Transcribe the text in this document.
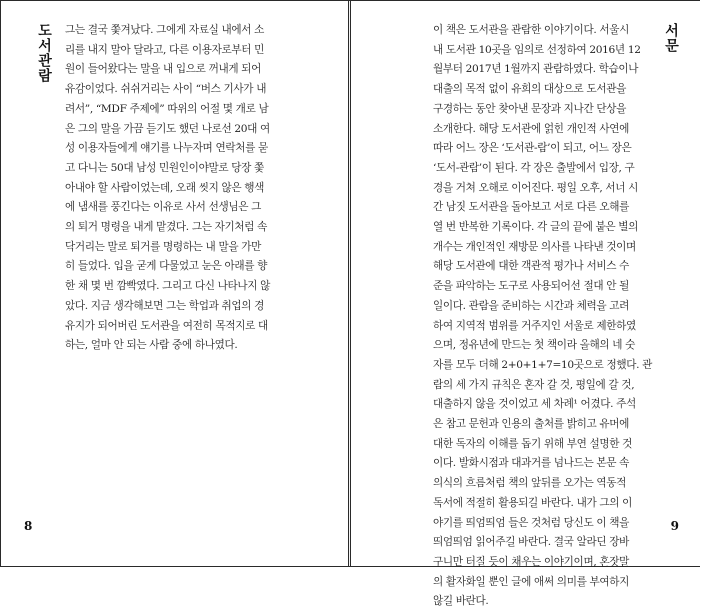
도서관람 그는 결국 쫓겨났다. 그에게 자료실 내에서 소
리를 내지 말아 달라고, 다른 이용자로부터 민
원이 들어왔다는 말을 내 입으로 꺼내게 되어
유감이었다. 쉬쉬거리는 사이 “버스 기사가 내
려서”, “MDF 주제에” 따위의 어절 몇 개로 남
은 그의 말을 가끔 듣기도 했던 나로선 20대 여
성 이용자들에게 얘기를 나누자며 연락처를 묻
고 다니는 50대 남성 민원인이야말로 당장 쫓
아내야 할 사람이었는데, 오래 씻지 않은 행색
에 냄새를 풍긴다는 이유로 사서 선생님은 그
의 퇴거 명령을 내게 맡겼다. 그는 자기처럼 속
닥거리는 말로 퇴거를 명령하는 내 말을 가만
히 들었다. 입을 굳게 다물었고 눈은 아래를 향
한 채 몇 번 깜빡였다. 그리고 다신 나타나지 않
았다. 지금 생각해보면 그는 학업과 취업의 경
유지가 되어버린 도서관을 여전히 목적지로 대
하는, 얼마 안 되는 사람 중에 하나였다.
8
서문
이 책은 도서관을 관람한 이야기이다. 서울시
내 도서관 10곳을 임의로 선정하여 2016년 12
월부터 2017년 1월까지 관람하였다. 학습이나
대출의 목적 없이 유희의 대상으로 도서관을
구경하는 동안 찾아낸 문장과 지나간 단상을
소개한다. 해당 도서관에 얽힌 개인적 사연에
따라 어느 장은 ‘도서관-람’이 되고, 어느 장은
‘도서-관람’이 된다. 각 장은 출발에서 입장, 구
경을 거쳐 오해로 이어진다. 평일 오후, 서너 시
간 남짓 도서관을 돌아보고 서로 다른 오해를
열 번 반복한 기록이다. 각 글의 끝에 붙은 별의
개수는 개인적인 재방문 의사를 나타낸 것이며
해당 도서관에 대한 객관적 평가나 서비스 수
준을 파악하는 도구로 사용되어선 절대 안 될
일이다. 관람을 준비하는 시간과 체력을 고려
하여 지역적 범위를 거주지인 서울로 제한하였
으며, 정유년에 만드는 첫 책이라 올해의 네 숫
자를 모두 더해 2+0+1+7=10곳으로 정했다. 관
람의 세 가지 규칙은 혼자 갈 것, 평일에 갈 것,
대출하지 않을 것이었고 세 차례¹ 어겼다. 주석
은 참고 문헌과 인용의 출처를 밝히고 유머에
대한 독자의 이해를 돕기 위해 부연 설명한 것
이다. 발화시점과 대과거를 넘나드는 본문 속
의식의 흐름처럼 책의 앞뒤를 오가는 역동적
독서에 적절히 활용되길 바란다. 내가 그의 이
야기를 띄엄띄엄 들은 것처럼 당신도 이 책을
띄엄띄엄 읽어주길 바란다. 결국 알라딘 장바
구니만 터질 듯이 채우는 이야기이며, 혼잣말
의 활자화일 뿐인 글에 애써 의미를 부여하지
않길 바란다.
9
